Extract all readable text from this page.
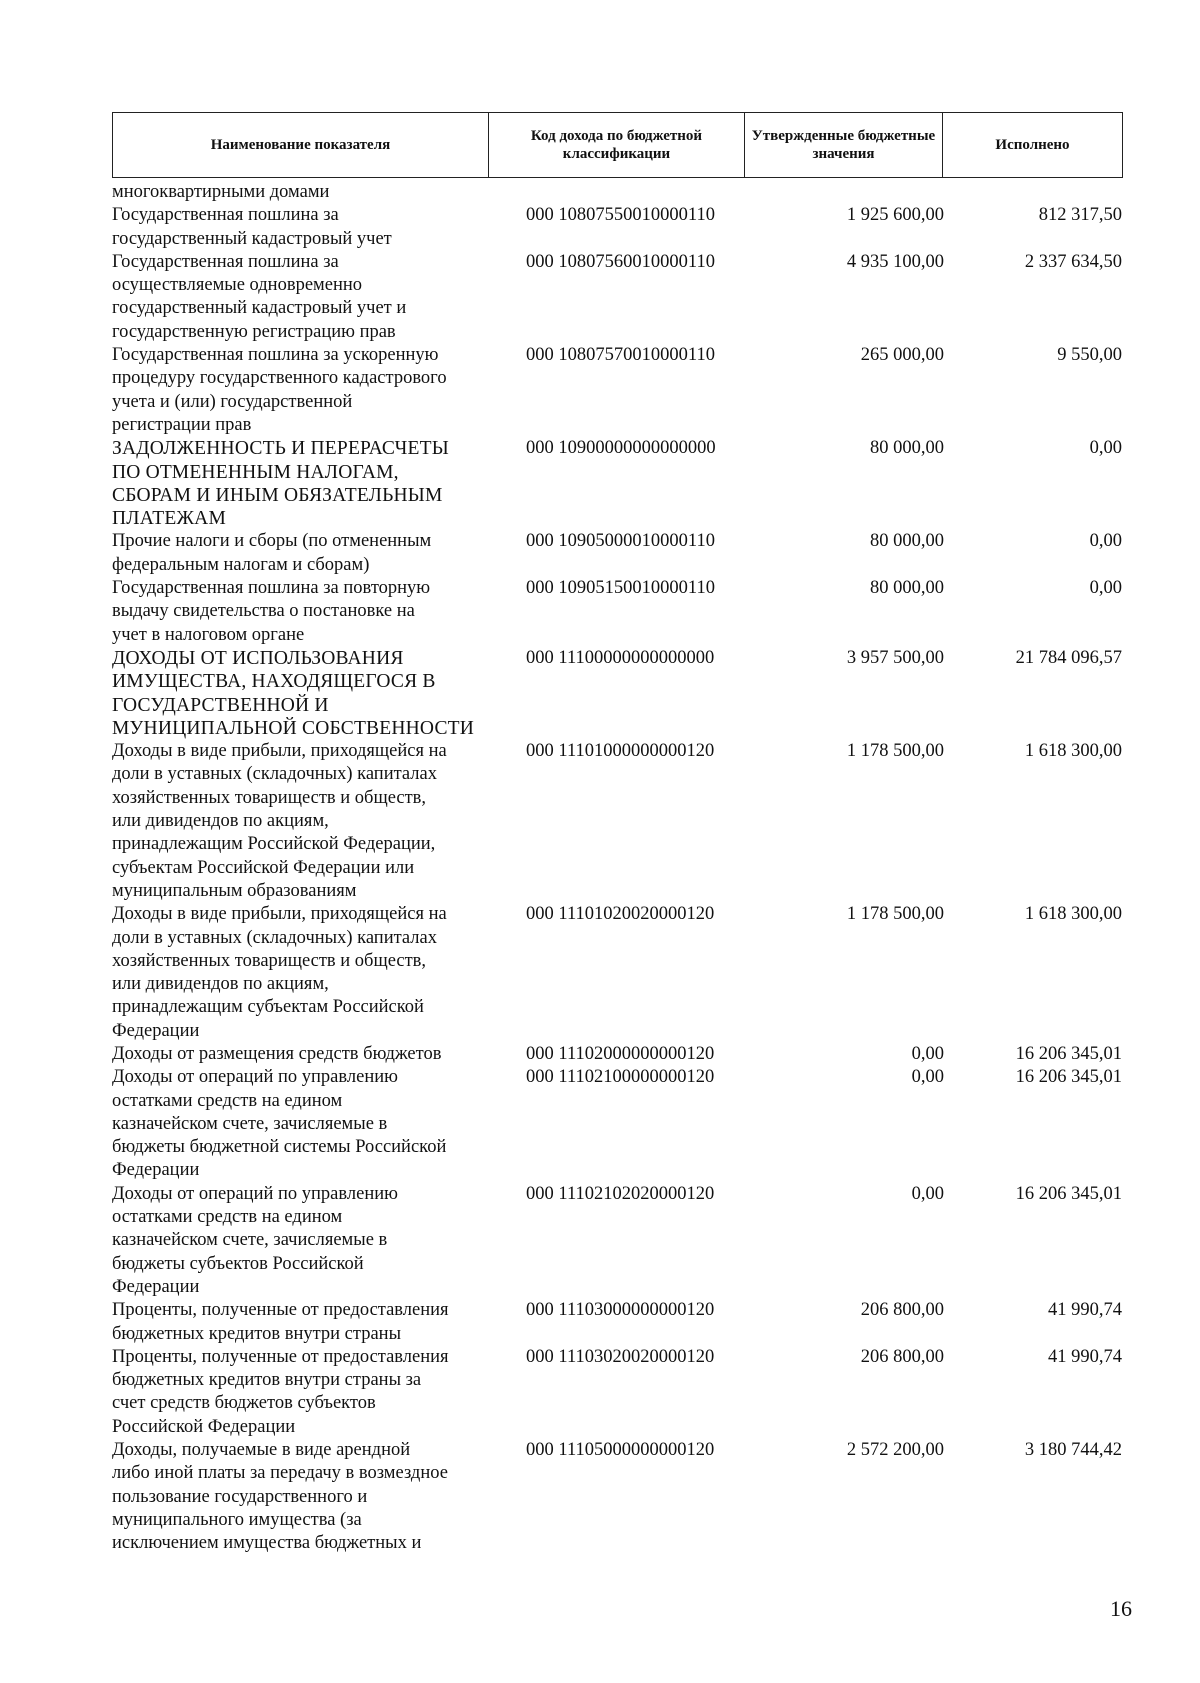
Наименование показателя	Код дохода по бюджетной классификации	Утвержденные бюджетные значения	Исполнено
многоквартирными домами
Государственная пошлина за
государственный кадастровый учет
000 10807550010000110	1 925 600,00	812 317,50
Государственная пошлина за
осуществляемые одновременно
государственный кадастровый учет и
государственную регистрацию прав
000 10807560010000110	4 935 100,00	2 337 634,50
Государственная пошлина за ускоренную
процедуру государственного кадастрового
учета и (или) государственной
регистрации прав
000 10807570010000110	265 000,00	9 550,00
ЗАДОЛЖЕННОСТЬ И ПЕРЕРАСЧЕТЫ
ПО ОТМЕНЕННЫМ НАЛОГАМ,
СБОРАМ И ИНЫМ ОБЯЗАТЕЛЬНЫМ
ПЛАТЕЖАМ
000 10900000000000000	80 000,00	0,00
Прочие налоги и сборы (по отмененным
федеральным налогам и сборам)
000 10905000010000110	80 000,00	0,00
Государственная пошлина за повторную
выдачу свидетельства о постановке на
учет в налоговом органе
000 10905150010000110	80 000,00	0,00
ДОХОДЫ ОТ ИСПОЛЬЗОВАНИЯ
ИМУЩЕСТВА, НАХОДЯЩЕГОСЯ В
ГОСУДАРСТВЕННОЙ И
МУНИЦИПАЛЬНОЙ СОБСТВЕННОСТИ
000 11100000000000000	3 957 500,00	21 784 096,57
Доходы в виде прибыли, приходящейся на
доли в уставных (складочных) капиталах
хозяйственных товариществ и обществ,
или дивидендов по акциям,
принадлежащим Российской Федерации,
субъектам Российской Федерации или
муниципальным образованиям
000 11101000000000120	1 178 500,00	1 618 300,00
Доходы в виде прибыли, приходящейся на
доли в уставных (складочных) капиталах
хозяйственных товариществ и обществ,
или дивидендов по акциям,
принадлежащим субъектам Российской
Федерации
000 11101020020000120	1 178 500,00	1 618 300,00
Доходы от размещения средств бюджетов	000 11102000000000120	0,00	16 206 345,01
Доходы от операций по управлению
остатками средств на едином
казначейском счете, зачисляемые в
бюджеты бюджетной системы Российской
Федерации
000 11102100000000120	0,00	16 206 345,01
Доходы от операций по управлению
остатками средств на едином
казначейском счете, зачисляемые в
бюджеты субъектов Российской
Федерации
000 11102102020000120	0,00	16 206 345,01
Проценты, полученные от предоставления
бюджетных кредитов внутри страны
000 11103000000000120	206 800,00	41 990,74
Проценты, полученные от предоставления
бюджетных кредитов внутри страны за
счет средств бюджетов субъектов
Российской Федерации
000 11103020020000120	206 800,00	41 990,74
Доходы, получаемые в виде арендной
либо иной платы за передачу в возмездное
пользование государственного и
муниципального имущества (за
исключением имущества бюджетных и
000 11105000000000120	2 572 200,00	3 180 744,42
16
